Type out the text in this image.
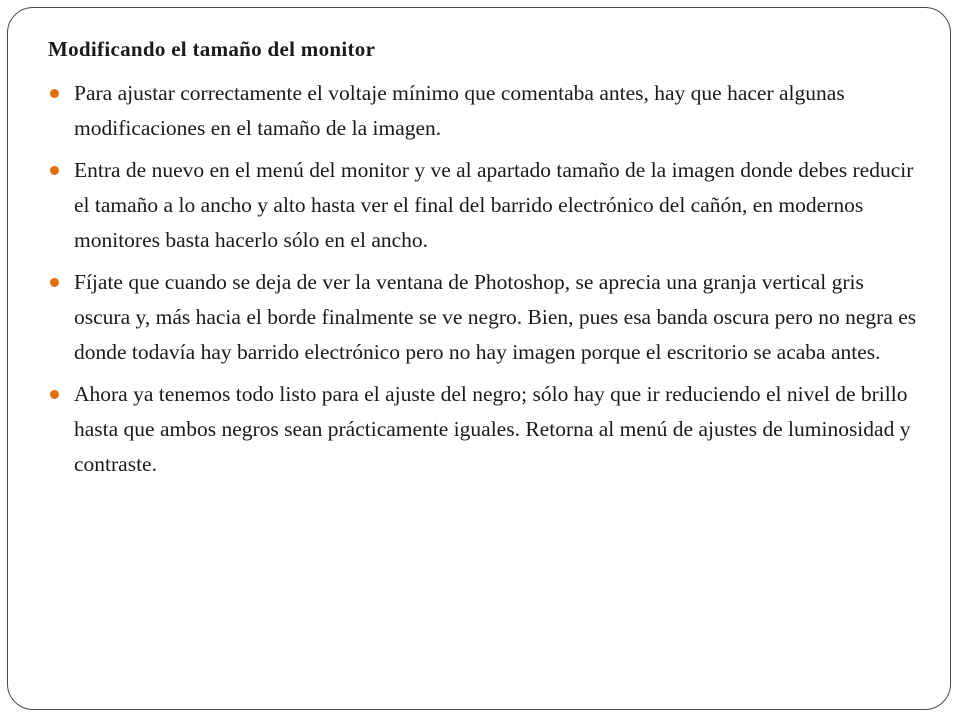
Modificando el tamaño del monitor
Para ajustar correctamente el voltaje mínimo que comentaba antes, hay que hacer algunas modificaciones en el tamaño de la imagen.
Entra de nuevo en el menú del monitor y ve al apartado tamaño de la imagen donde debes reducir el tamaño a lo ancho y alto hasta ver el final del barrido electrónico del cañón, en modernos monitores basta hacerlo sólo en el ancho.
Fíjate que cuando se deja de ver la ventana de Photoshop, se aprecia una granja vertical gris oscura y, más hacia el borde finalmente se ve negro. Bien, pues esa banda oscura pero no negra es donde todavía hay barrido electrónico pero no hay imagen porque el escritorio se acaba antes.
Ahora ya tenemos todo listo para el ajuste del negro; sólo hay que ir reduciendo el nivel de brillo hasta que ambos negros sean prácticamente iguales. Retorna al menú de ajustes de luminosidad y contraste.
